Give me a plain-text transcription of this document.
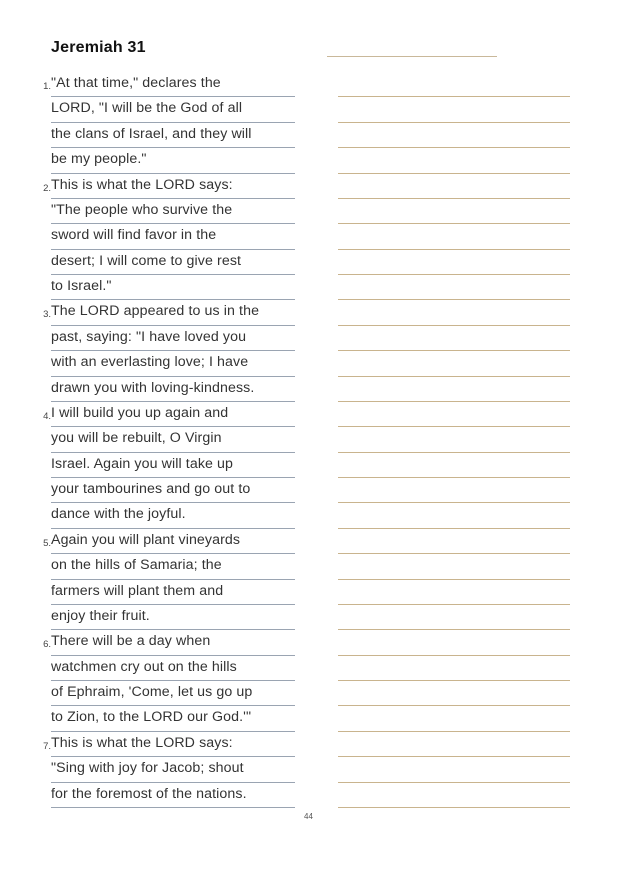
Jeremiah 31
1. "At that time," declares the
LORD, "I will be the God of all
the clans of Israel, and they will
be my people."
2. This is what the LORD says:
"The people who survive the
sword will find favor in the
desert; I will come to give rest
to Israel."
3. The LORD appeared to us in the
past, saying: "I have loved you
with an everlasting love; I have
drawn you with loving-kindness.
4. I will build you up again and
you will be rebuilt, O Virgin
Israel. Again you will take up
your tambourines and go out to
dance with the joyful.
5. Again you will plant vineyards
on the hills of Samaria; the
farmers will plant them and
enjoy their fruit.
6. There will be a day when
watchmen cry out on the hills
of Ephraim, 'Come, let us go up
to Zion, to the LORD our God.'"
7. This is what the LORD says:
"Sing with joy for Jacob; shout
for the foremost of the nations.
44
